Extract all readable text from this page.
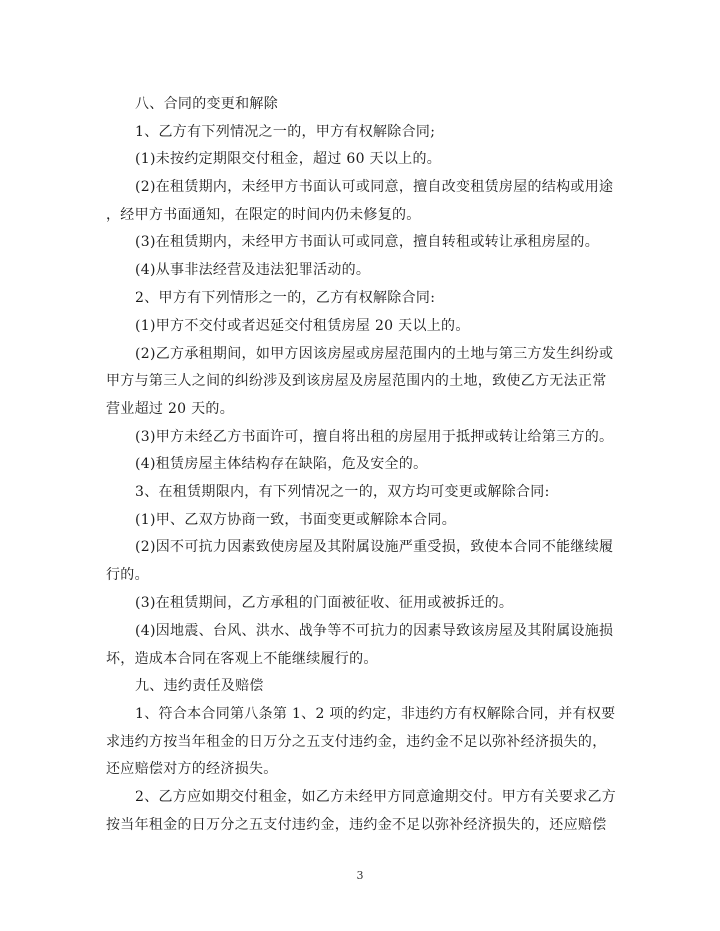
八、合同的变更和解除
1、乙方有下列情况之一的，甲方有权解除合同;
(1)未按约定期限交付租金，超过 60 天以上的。
(2)在租赁期内，未经甲方书面认可或同意，擅自改变租赁房屋的结构或用途
，经甲方书面通知，在限定的时间内仍未修复的。
(3)在租赁期内，未经甲方书面认可或同意，擅自转租或转让承租房屋的。
(4)从事非法经营及违法犯罪活动的。
2、甲方有下列情形之一的，乙方有权解除合同:
(1)甲方不交付或者迟延交付租赁房屋 20 天以上的。
(2)乙方承租期间，如甲方因该房屋或房屋范围内的土地与第三方发生纠纷或
甲方与第三人之间的纠纷涉及到该房屋及房屋范围内的土地，致使乙方无法正常
营业超过 20 天的。
(3)甲方未经乙方书面许可，擅自将出租的房屋用于抵押或转让给第三方的。
(4)租赁房屋主体结构存在缺陷，危及安全的。
3、在租赁期限内，有下列情况之一的，双方均可变更或解除合同:
(1)甲、乙双方协商一致，书面变更或解除本合同。
(2)因不可抗力因素致使房屋及其附属设施严重受损，致使本合同不能继续履
行的。
(3)在租赁期间，乙方承租的门面被征收、征用或被拆迁的。
(4)因地震、台风、洪水、战争等不可抗力的因素导致该房屋及其附属设施损
坏，造成本合同在客观上不能继续履行的。
九、违约责任及赔偿
1、符合本合同第八条第 1、2 项的约定，非违约方有权解除合同，并有权要
求违约方按当年租金的日万分之五支付违约金，违约金不足以弥补经济损失的，
还应赔偿对方的经济损失。
2、乙方应如期交付租金，如乙方未经甲方同意逾期交付。甲方有关要求乙方
按当年租金的日万分之五支付违约金，违约金不足以弥补经济损失的，还应赔偿
3
